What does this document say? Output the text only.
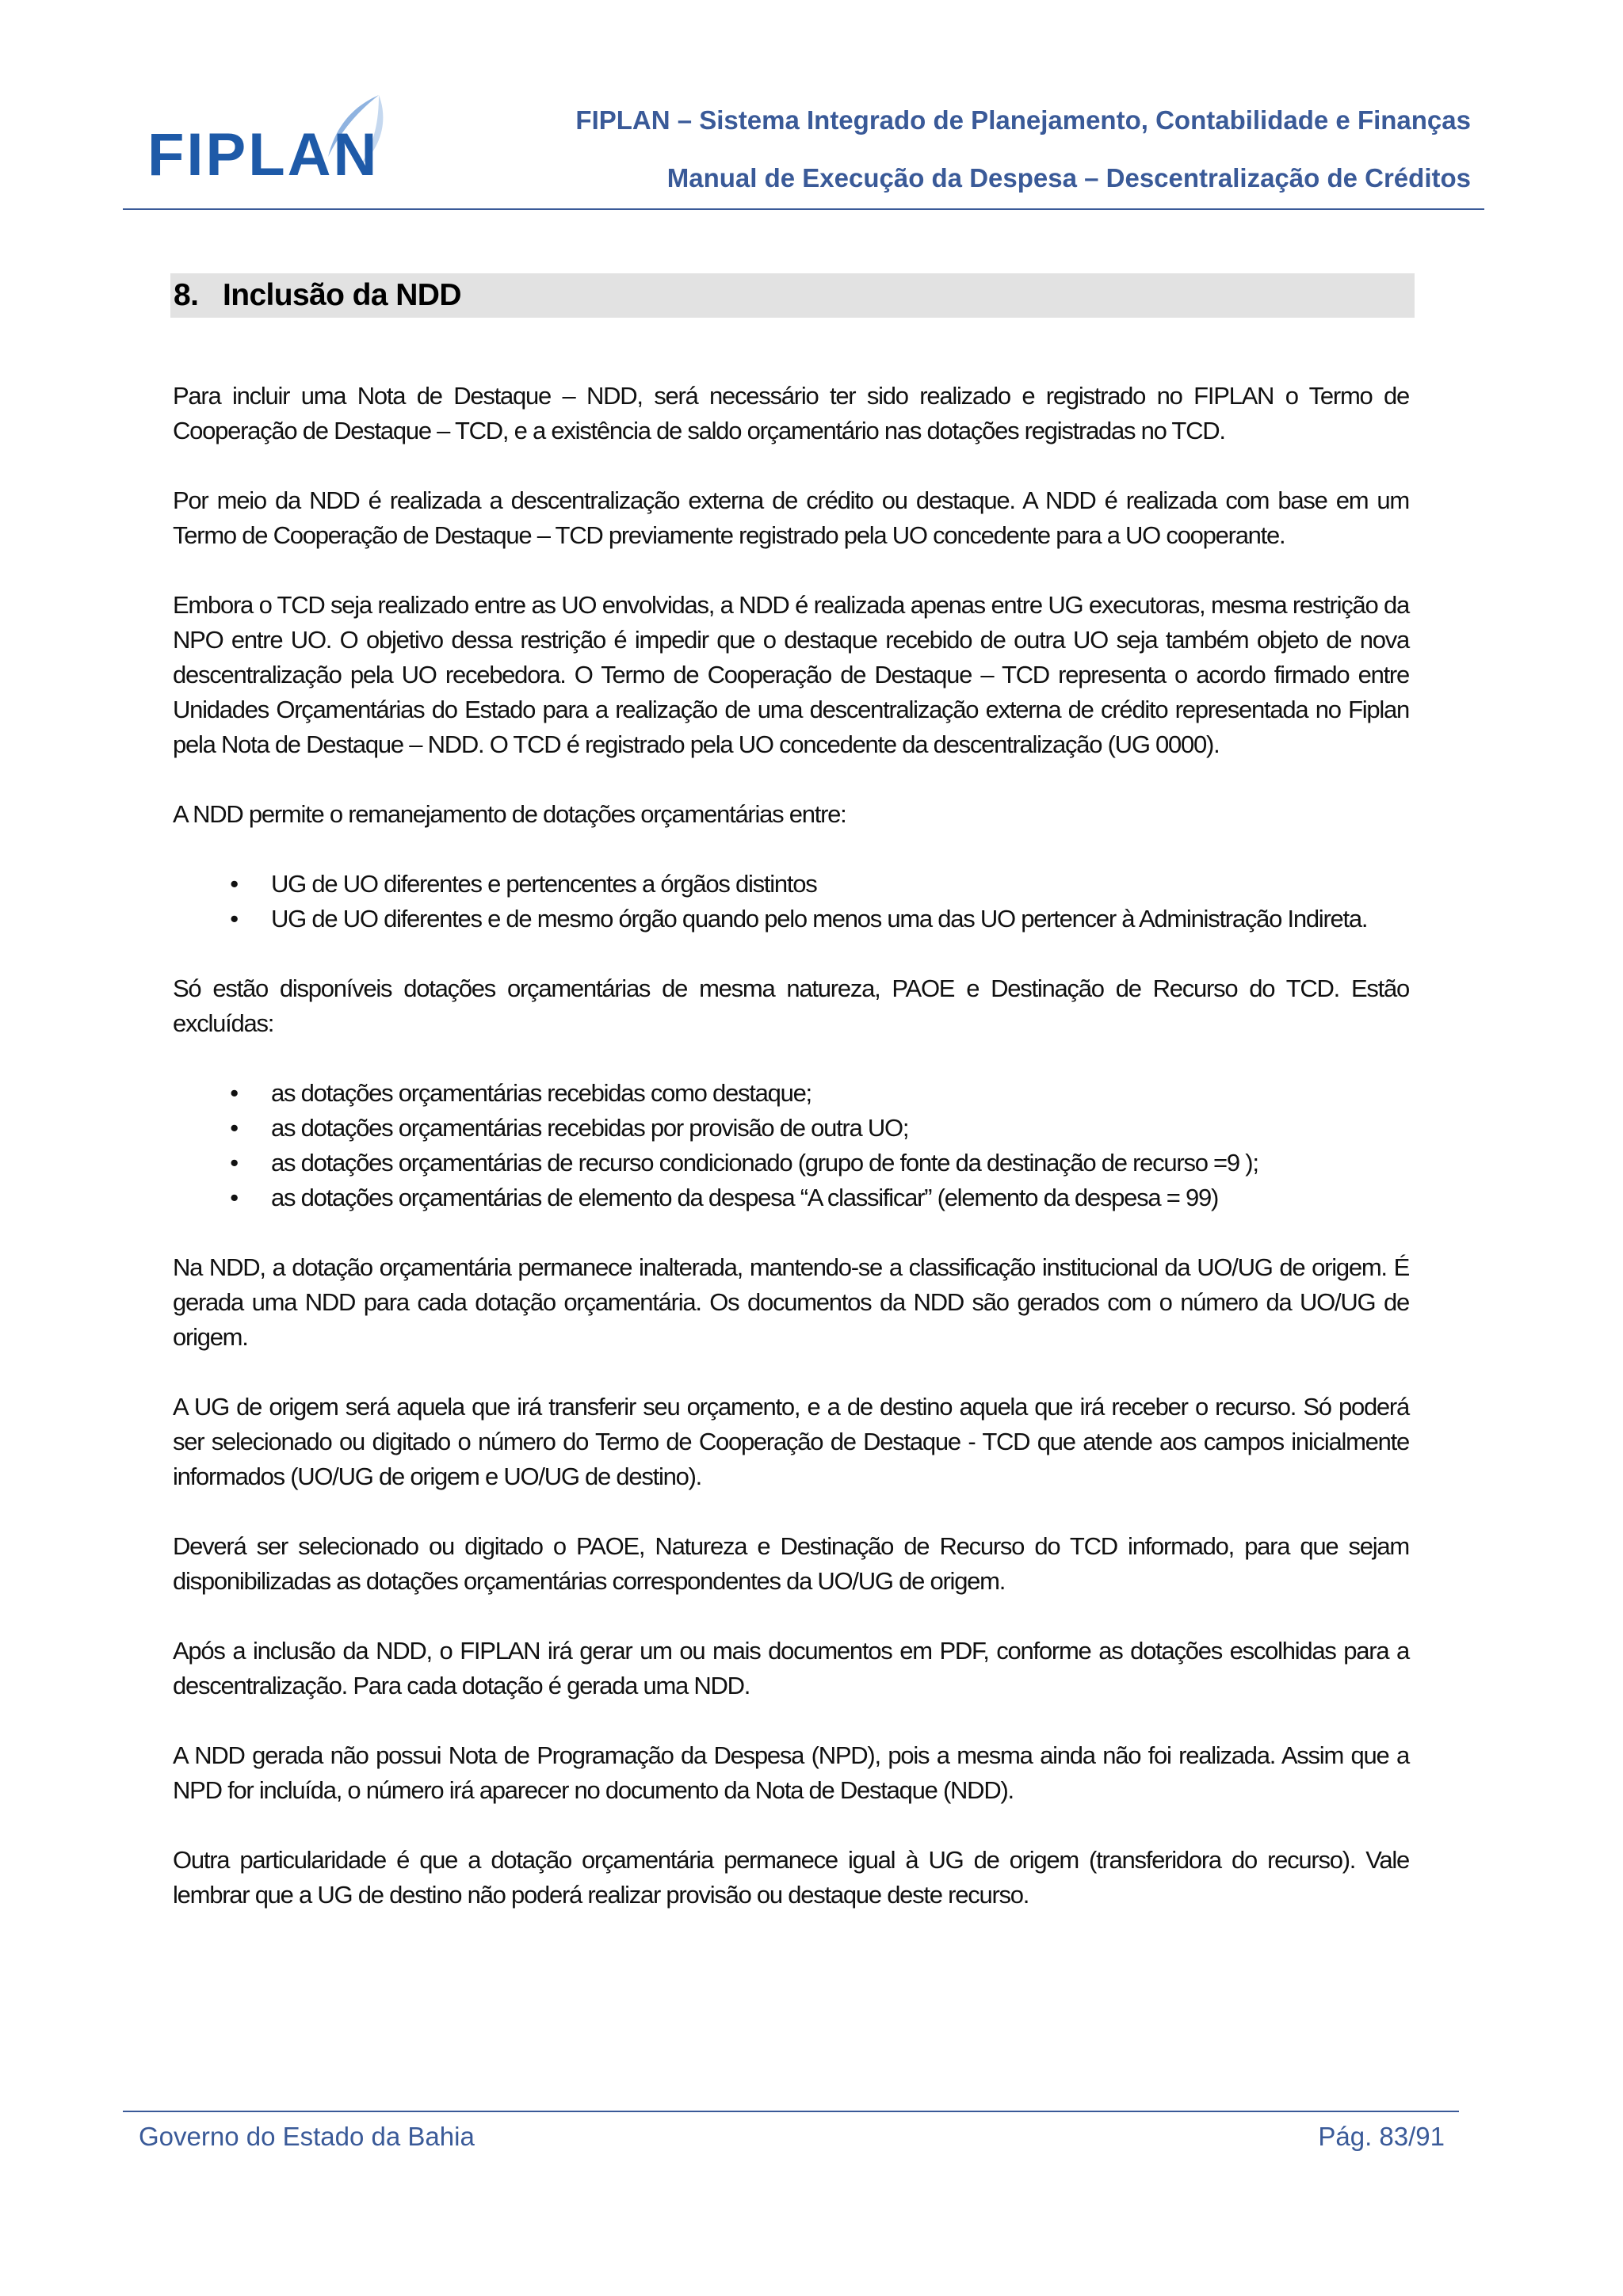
FIPLAN
FIPLAN – Sistema Integrado de Planejamento, Contabilidade e Finanças
Manual de Execução da Despesa – Descentralização de Créditos
8. Inclusão da NDD

Para incluir uma Nota de Destaque – NDD, será necessário ter sido realizado e registrado no FIPLAN o Termo de Cooperação de Destaque – TCD, e a existência de saldo orçamentário nas dotações registradas no TCD.

Por meio da NDD é realizada a descentralização externa de crédito ou destaque. A NDD é realizada com base em um Termo de Cooperação de Destaque – TCD previamente registrado pela UO concedente para a UO cooperante.

Embora o TCD seja realizado entre as UO envolvidas, a NDD é realizada apenas entre UG executoras, mesma restrição da NPO entre UO. O objetivo dessa restrição é impedir que o destaque recebido de outra UO seja também objeto de nova descentralização pela UO recebedora. O Termo de Cooperação de Destaque – TCD representa o acordo firmado entre Unidades Orçamentárias do Estado para a realização de uma descentralização externa de crédito representada no Fiplan pela Nota de Destaque – NDD. O TCD é registrado pela UO concedente da descentralização (UG 0000).

A NDD permite o remanejamento de dotações orçamentárias entre:

•	UG de UO diferentes e pertencentes a órgãos distintos
•	UG de UO diferentes e de mesmo órgão quando pelo menos uma das UO pertencer à Administração Indireta.

Só estão disponíveis dotações orçamentárias de mesma natureza, PAOE e Destinação de Recurso do TCD. Estão excluídas:

•	as dotações orçamentárias recebidas como destaque;
•	as dotações orçamentárias recebidas por provisão de outra UO;
•	as dotações orçamentárias de recurso condicionado (grupo de fonte da destinação de recurso =9 );
•	as dotações orçamentárias de elemento da despesa “A classificar” (elemento da despesa = 99)

Na NDD, a dotação orçamentária permanece inalterada, mantendo-se a classificação institucional da UO/UG de origem. É gerada uma NDD para cada dotação orçamentária. Os documentos da NDD são gerados com o número da UO/UG de origem.

A UG de origem será aquela que irá transferir seu orçamento, e a de destino aquela que irá receber o recurso. Só poderá ser selecionado ou digitado o número do Termo de Cooperação de Destaque - TCD que atende aos campos inicialmente informados (UO/UG de origem e UO/UG de destino).

Deverá ser selecionado ou digitado o PAOE, Natureza e Destinação de Recurso do TCD informado, para que sejam disponibilizadas as dotações orçamentárias correspondentes da UO/UG de origem.

Após a inclusão da NDD, o FIPLAN irá gerar um ou mais documentos em PDF, conforme as dotações escolhidas para a descentralização. Para cada dotação é gerada uma NDD.

A NDD gerada não possui Nota de Programação da Despesa (NPD), pois a mesma ainda não foi realizada. Assim que a NPD for incluída, o número irá aparecer no documento da Nota de Destaque (NDD).

Outra particularidade é que a dotação orçamentária permanece igual à UG de origem (transferidora do recurso). Vale lembrar que a UG de destino não poderá realizar provisão ou destaque deste recurso.

Governo do Estado da Bahia	Pág. 83/91
